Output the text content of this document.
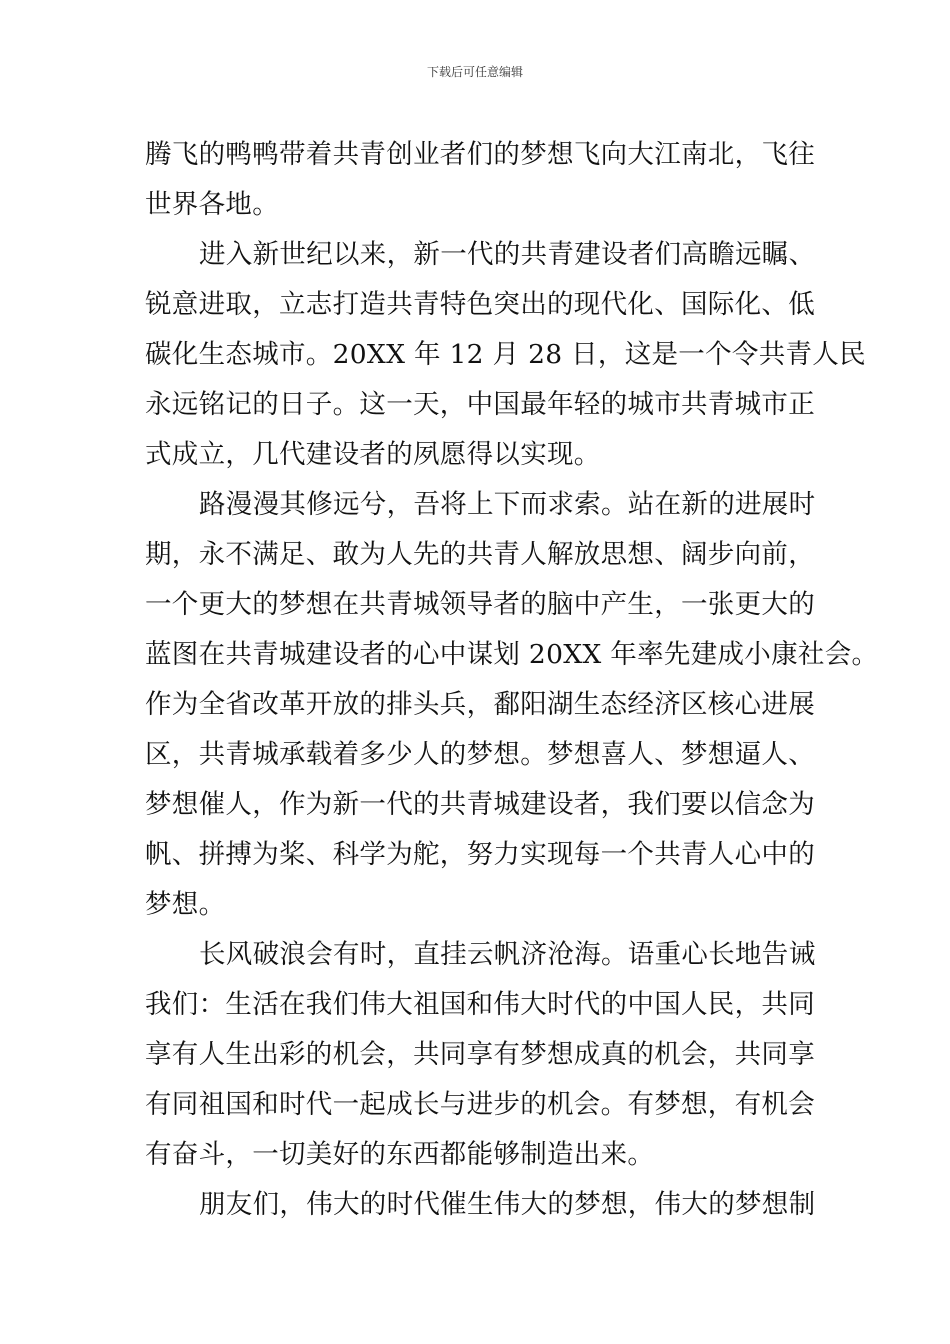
下载后可任意编辑
腾飞的鸭鸭带着共青创业者们的梦想飞向大江南北，飞往
世界各地。
进入新世纪以来，新一代的共青建设者们高瞻远瞩、
锐意进取，立志打造共青特色突出的现代化、国际化、低
碳化生态城市。20XX 年 12 月 28 日，这是一个令共青人民
永远铭记的日子。这一天，中国最年轻的城市共青城市正
式成立，几代建设者的夙愿得以实现。
路漫漫其修远兮，吾将上下而求索。站在新的进展时
期，永不满足、敢为人先的共青人解放思想、阔步向前，
一个更大的梦想在共青城领导者的脑中产生，一张更大的
蓝图在共青城建设者的心中谋划 20XX 年率先建成小康社会。
作为全省改革开放的排头兵，鄱阳湖生态经济区核心进展
区，共青城承载着多少人的梦想。梦想喜人、梦想逼人、
梦想催人，作为新一代的共青城建设者，我们要以信念为
帆、拼搏为桨、科学为舵，努力实现每一个共青人心中的
梦想。
长风破浪会有时，直挂云帆济沧海。语重心长地告诫
我们：生活在我们伟大祖国和伟大时代的中国人民，共同
享有人生出彩的机会，共同享有梦想成真的机会，共同享
有同祖国和时代一起成长与进步的机会。有梦想，有机会
有奋斗，一切美好的东西都能够制造出来。
朋友们，伟大的时代催生伟大的梦想，伟大的梦想制
